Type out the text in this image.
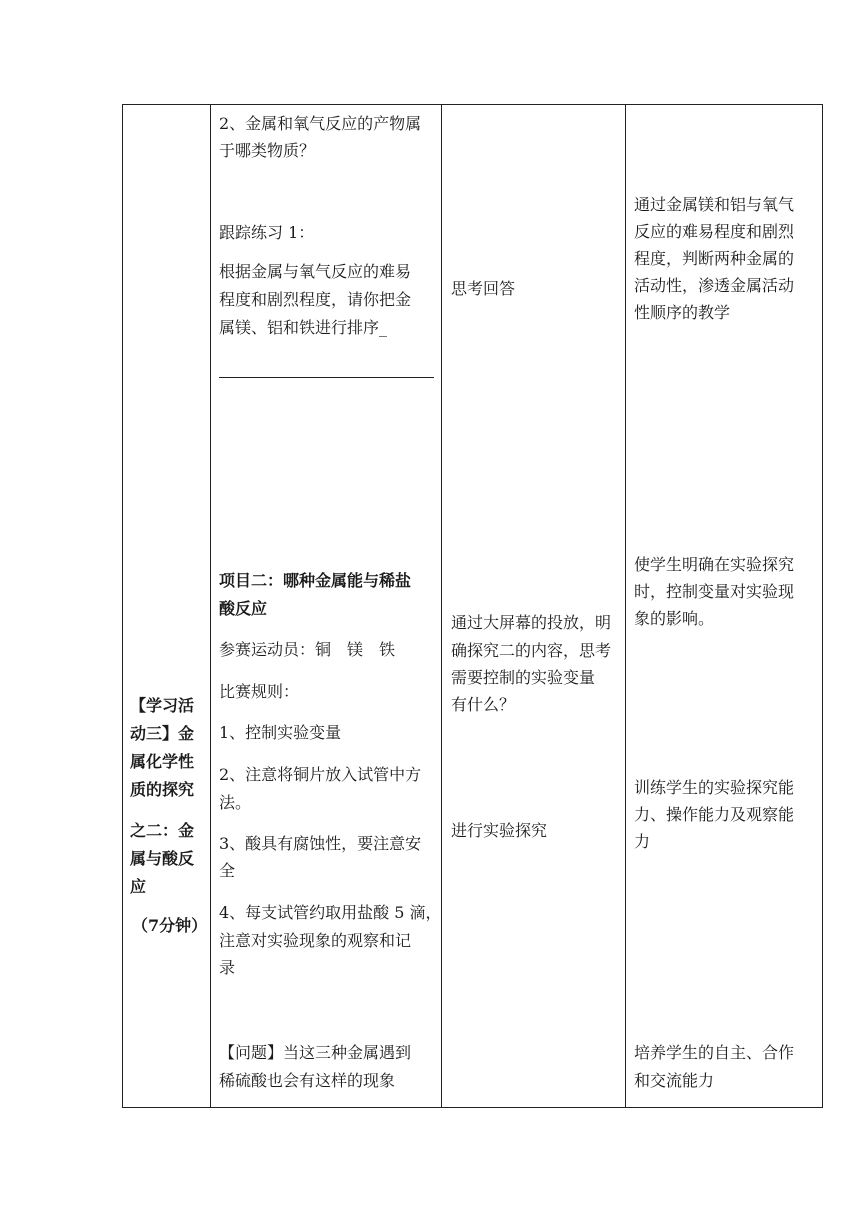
【学习活
动三】金
属化学性
质的探究
之二：金
属与酸反
应
（7分钟）
2、金属和氧气反应的产物属
于哪类物质？
跟踪练习 1：
根据金属与氧气反应的难易
程度和剧烈程度，请你把金
属镁、铝和铁进行排序_
项目二：哪种金属能与稀盐
酸反应
参赛运动员：铜　镁　铁
比赛规则：
1、控制实验变量
2、注意将铜片放入试管中方
法。
3、酸具有腐蚀性，要注意安
全
4、每支试管约取用盐酸 5 滴，
注意对实验现象的观察和记
录
【问题】当这三种金属遇到
稀硫酸也会有这样的现象
思考回答
通过大屏幕的投放，明
确探究二的内容，思考
需要控制的实验变量
有什么？
进行实验探究
通过金属镁和铝与氧气
反应的难易程度和剧烈
程度，判断两种金属的
活动性，渗透金属活动
性顺序的教学
使学生明确在实验探究
时，控制变量对实验现
象的影响。
训练学生的实验探究能
力、操作能力及观察能
力
培养学生的自主、合作
和交流能力
